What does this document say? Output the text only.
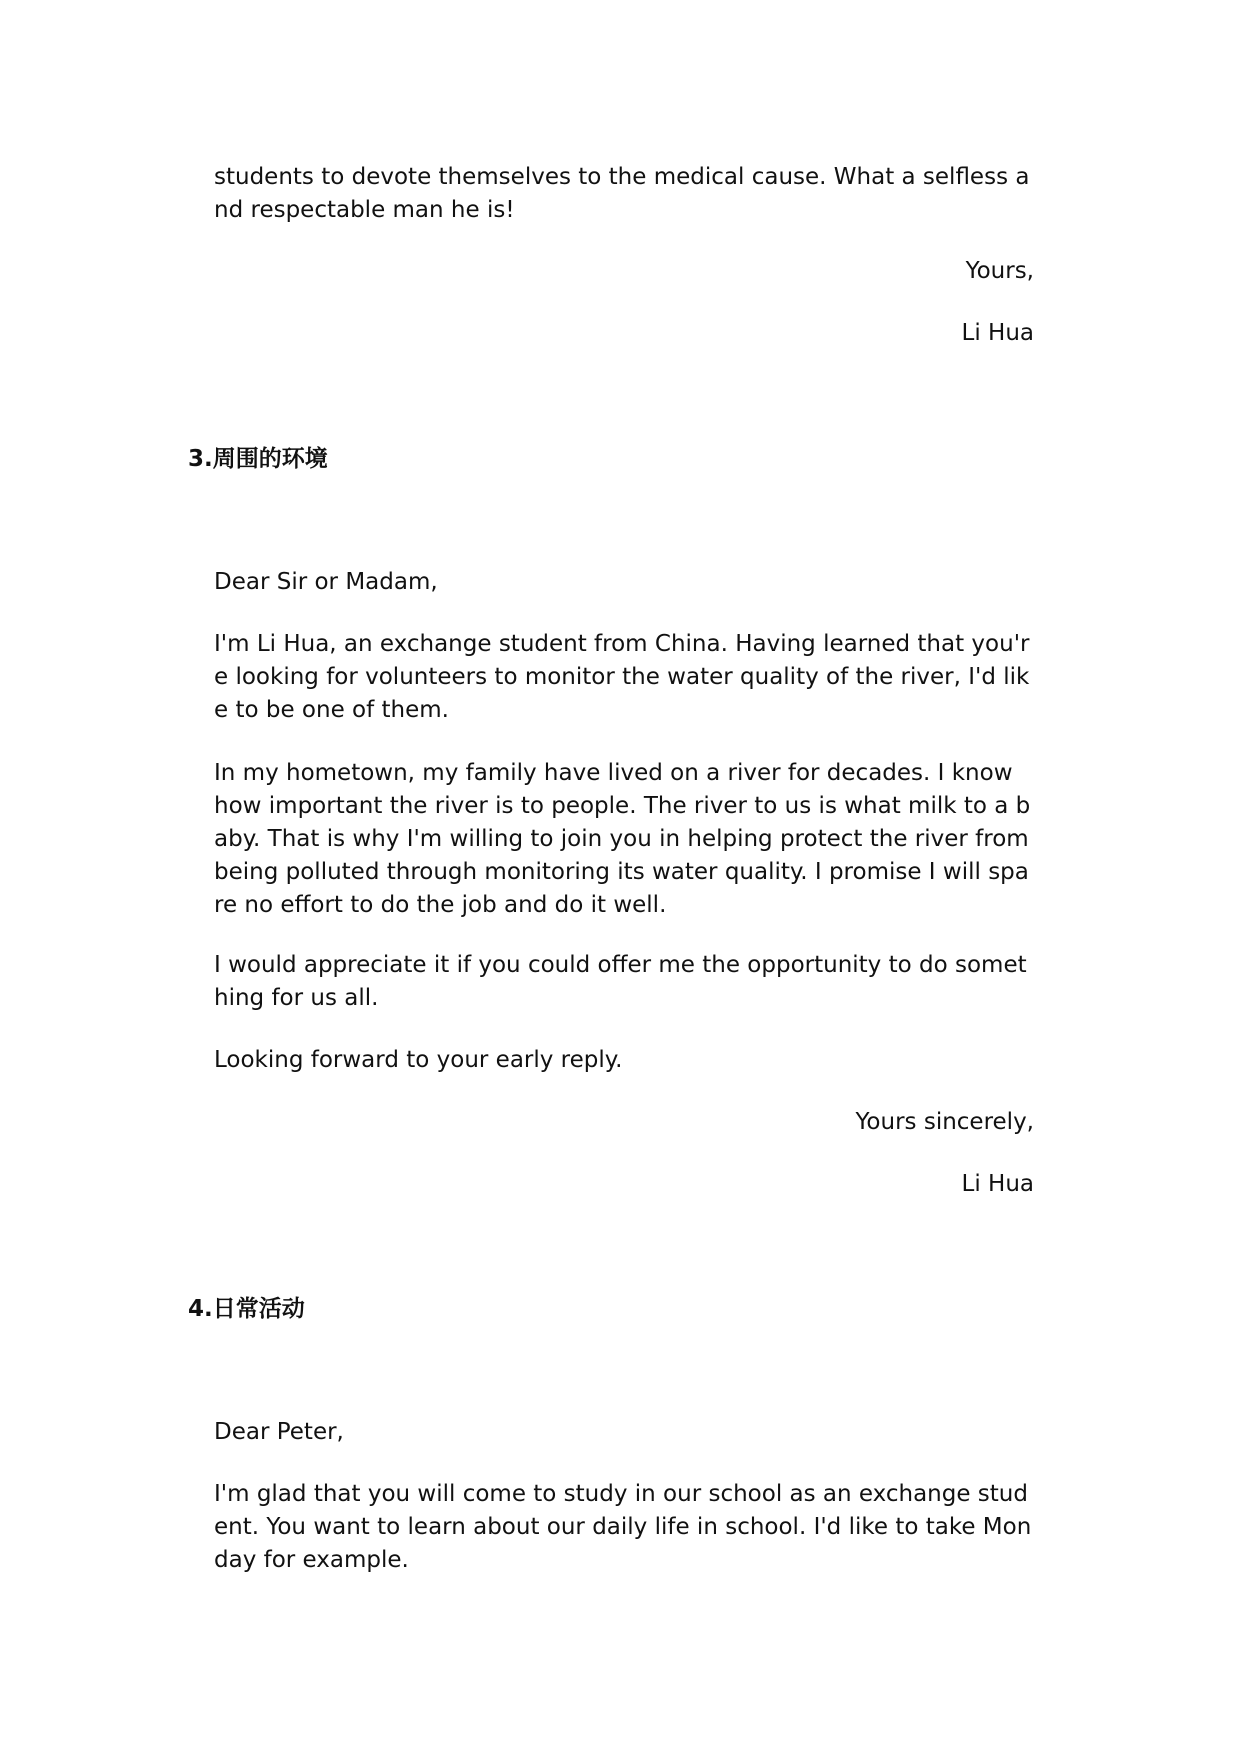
students to devote themselves to the medical cause. What a selfless and respectable man he is!

Yours,

Li Hua

3.周围的环境

Dear Sir or Madam,

I'm Li Hua, an exchange student from China. Having learned that you're looking for volunteers to monitor the water quality of the river, I'd like to be one of them.

In my hometown, my family have lived on a river for decades. I know how important the river is to people. The river to us is what milk to a baby. That is why I'm willing to join you in helping protect the river from being polluted through monitoring its water quality. I promise I will spare no effort to do the job and do it well.

I would appreciate it if you could offer me the opportunity to do something for us all.

Looking forward to your early reply.

Yours sincerely,

Li Hua

4.日常活动

Dear Peter,

I'm glad that you will come to study in our school as an exchange student. You want to learn about our daily life in school. I'd like to take Monday for example.
